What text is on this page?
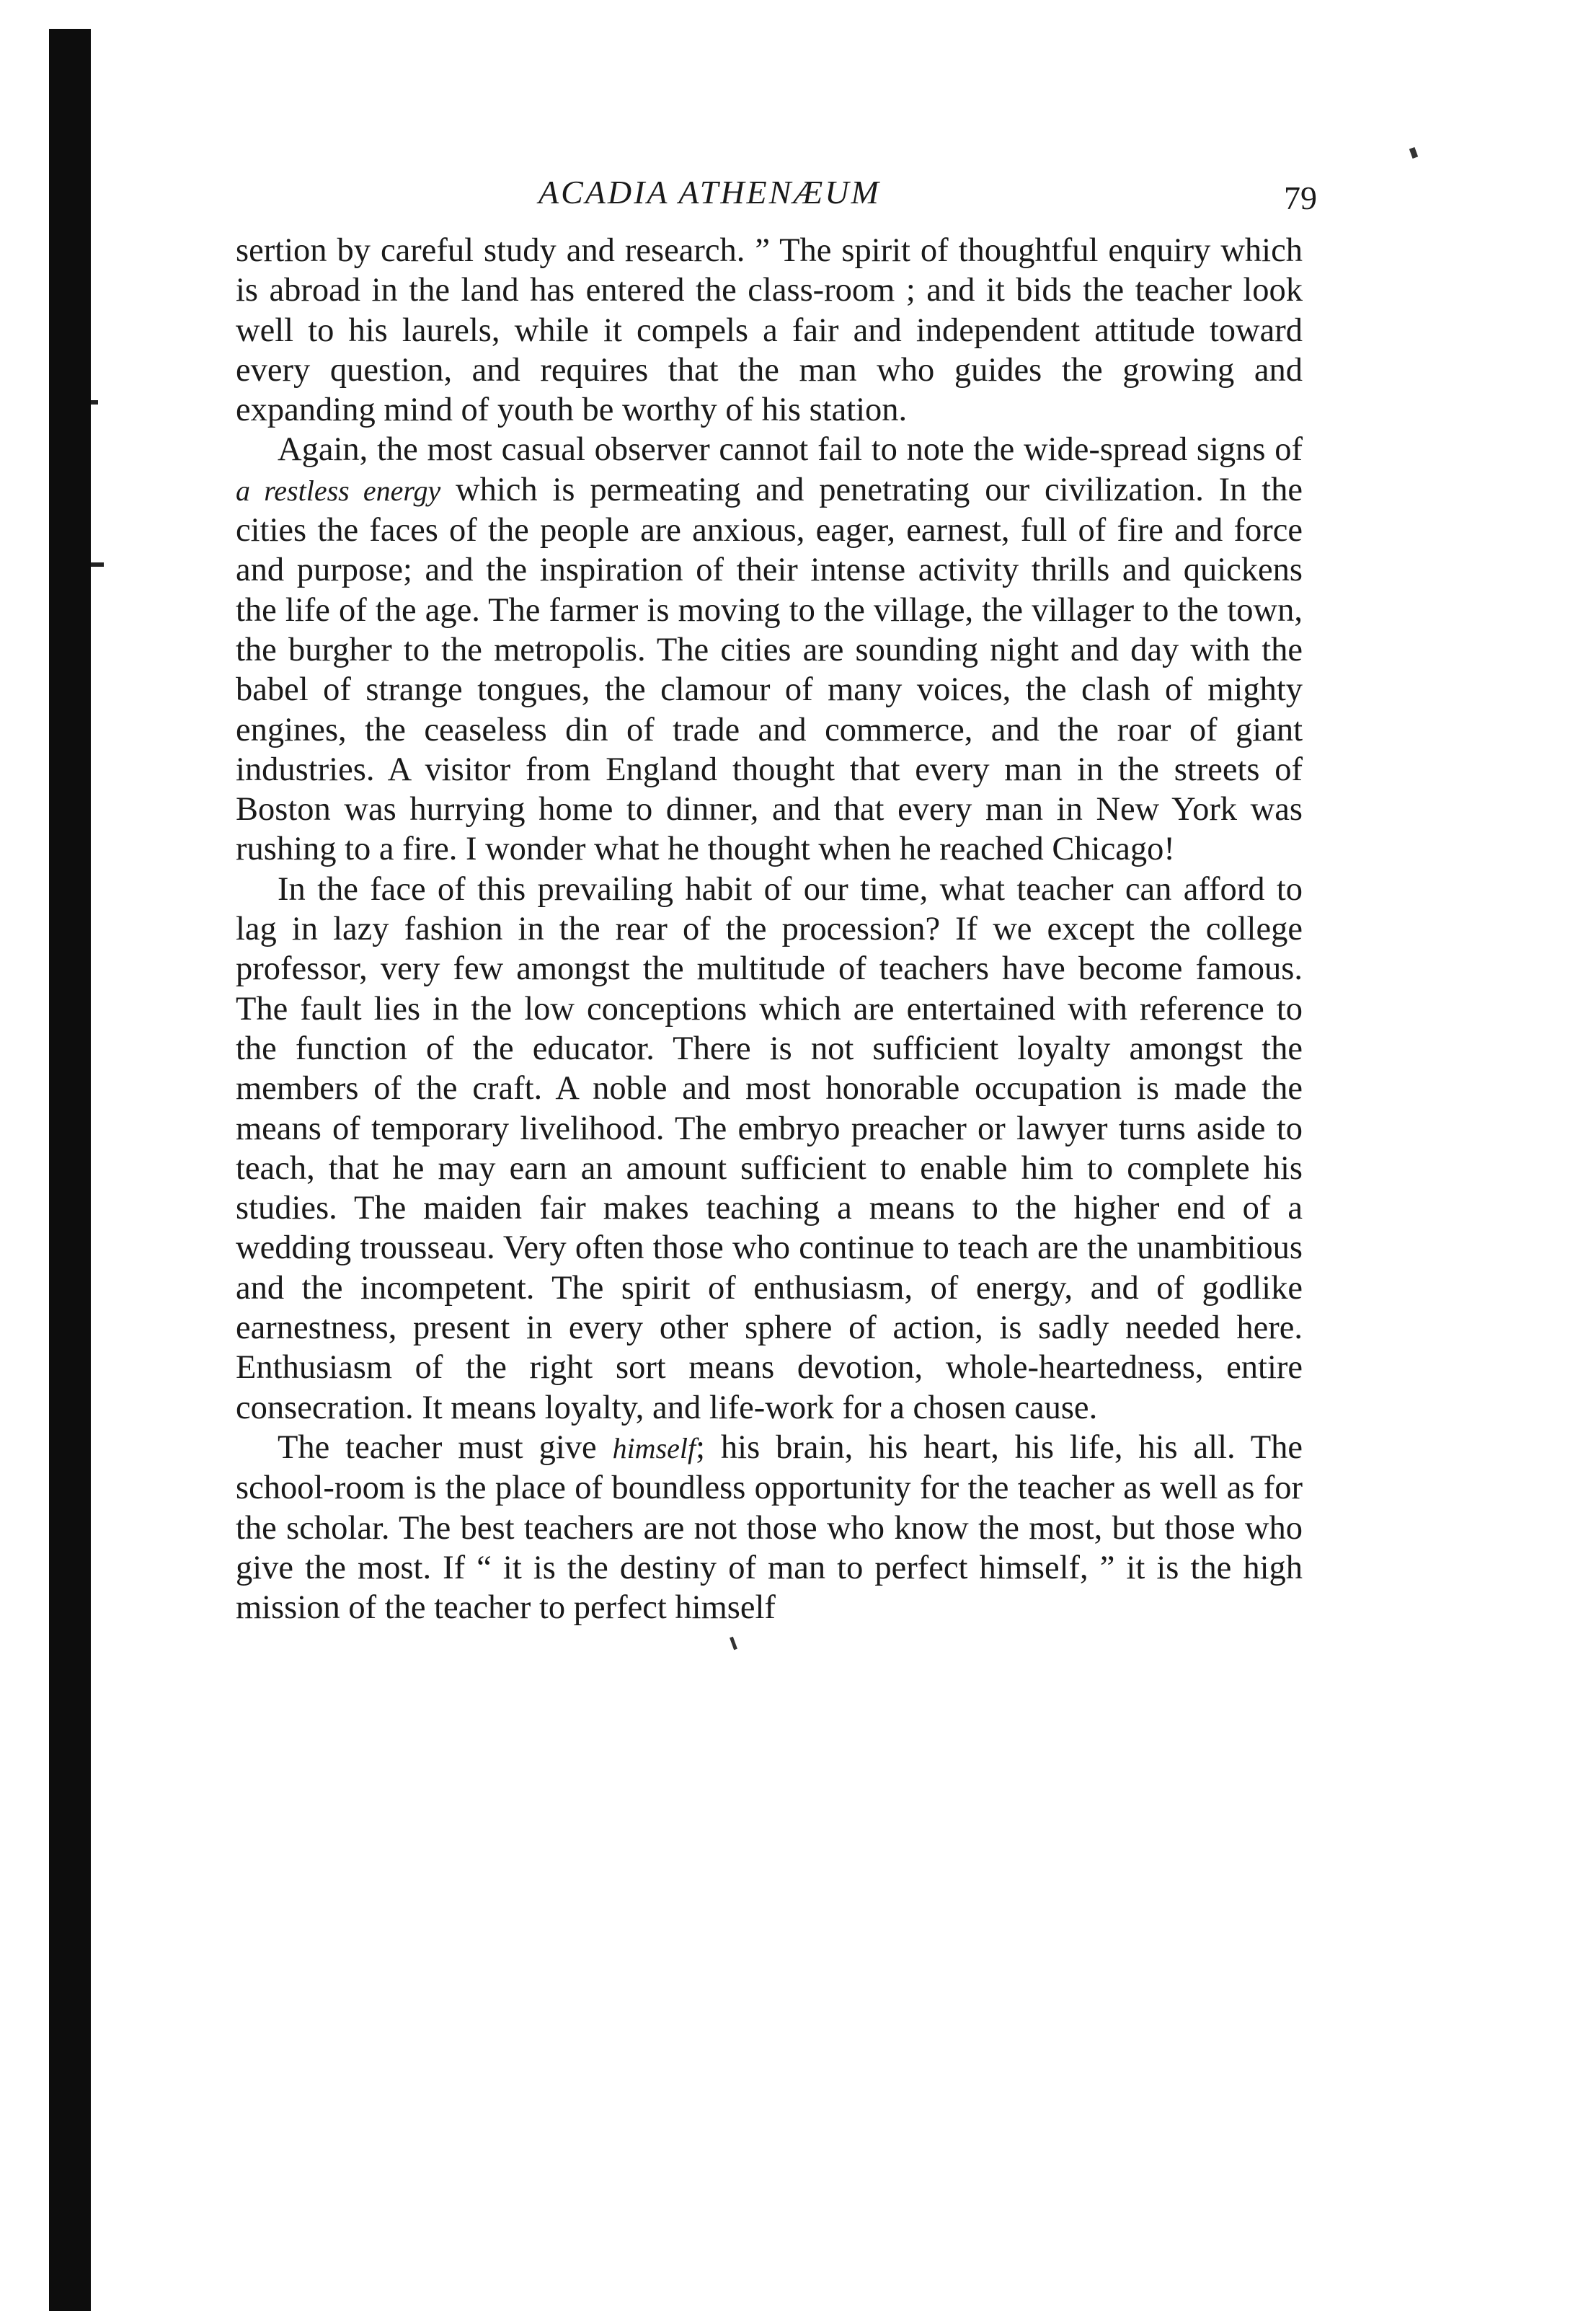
ACADIA ATHENÆUM	79

sertion by careful study and research. ” The spirit of thoughtful enquiry which is abroad in the land has entered the class-room ; and it bids the teacher look well to his laurels, while it compels a fair and independent attitude toward every question, and requires that the man who guides the growing and expanding mind of youth be worthy of his station.

Again, the most casual observer cannot fail to note the wide-spread signs of a restless energy which is permeating and penetrating our civilization. In the cities the faces of the people are anxious, eager, earnest, full of fire and force and purpose; and the inspiration of their intense activity thrills and quickens the life of the age. The farmer is moving to the village, the villager to the town, the burgher to the metropolis. The cities are sounding night and day with the babel of strange tongues, the clamour of many voices, the clash of mighty engines, the ceaseless din of trade and commerce, and the roar of giant industries. A visitor from England thought that every man in the streets of Boston was hurrying home to dinner, and that every man in New York was rushing to a fire. I wonder what he thought when he reached Chicago!

In the face of this prevailing habit of our time, what teacher can afford to lag in lazy fashion in the rear of the procession? If we except the college professor, very few amongst the multitude of teachers have become famous. The fault lies in the low conceptions which are entertained with reference to the function of the educator. There is not sufficient loyalty amongst the members of the craft. A noble and most honorable occupation is made the means of temporary livelihood. The embryo preacher or lawyer turns aside to teach, that he may earn an amount sufficient to enable him to complete his studies. The maiden fair makes teaching a means to the higher end of a wedding trousseau. Very often those who continue to teach are the unambitious and the incompetent. The spirit of enthusiasm, of energy, and of godlike earnestness, present in every other sphere of action, is sadly needed here. Enthusiasm of the right sort means devotion, whole-heartedness, entire consecration. It means loyalty, and life-work for a chosen cause.

The teacher must give himself; his brain, his heart, his life, his all. The school-room is the place of boundless opportunity for the teacher as well as for the scholar. The best teachers are not those who know the most, but those who give the most. If “ it is the destiny of man to perfect himself, ” it is the high mission of the teacher to perfect himself
